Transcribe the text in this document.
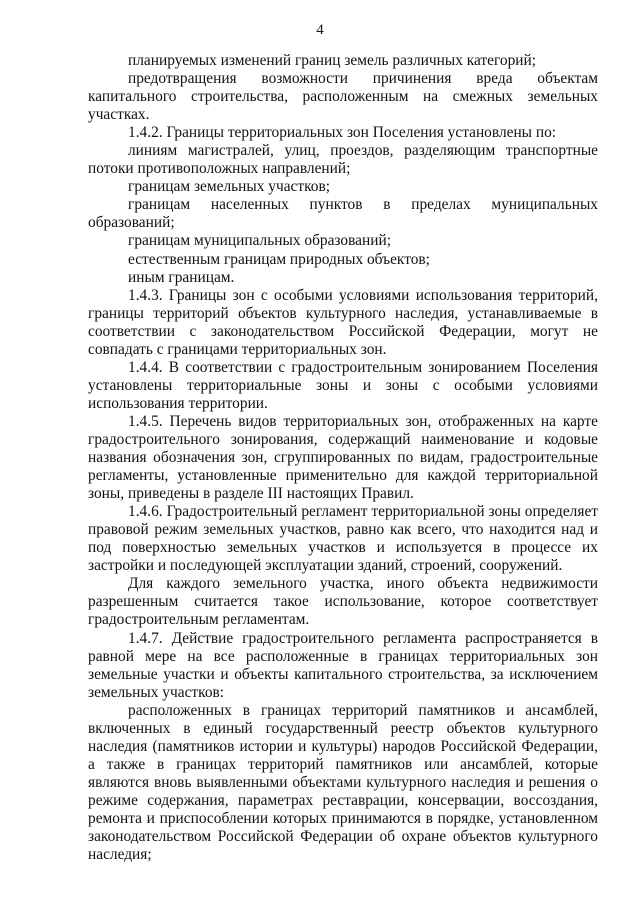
4

планируемых изменений границ земель различных категорий;

предотвращения возможности причинения вреда объектам капитального строительства, расположенным на смежных земельных участках.

1.4.2. Границы территориальных зон Поселения установлены по:

линиям магистралей, улиц, проездов, разделяющим транспортные потоки противоположных направлений;

границам земельных участков;

границам населенных пунктов в пределах муниципальных образований;

границам муниципальных образований;

естественным границам природных объектов;

иным границам.

1.4.3. Границы зон с особыми условиями использования территорий, границы территорий объектов культурного наследия, устанавливаемые в соответствии с законодательством Российской Федерации, могут не совпадать с границами территориальных зон.

1.4.4. В соответствии с градостроительным зонированием Поселения установлены территориальные зоны и зоны с особыми условиями использования территории.

1.4.5. Перечень видов территориальных зон, отображенных на карте градостроительного зонирования, содержащий наименование и кодовые названия обозначения зон, сгруппированных по видам, градостроительные регламенты, установленные применительно для каждой территориальной зоны, приведены в разделе III настоящих Правил.

1.4.6. Градостроительный регламент территориальной зоны определяет правовой режим земельных участков, равно как всего, что находится над и под поверхностью земельных участков и используется в процессе их застройки и последующей эксплуатации зданий, строений, сооружений.

Для каждого земельного участка, иного объекта недвижимости разрешенным считается такое использование, которое соответствует градостроительным регламентам.

1.4.7. Действие градостроительного регламента распространяется в равной мере на все расположенные в границах территориальных зон земельные участки и объекты капитального строительства, за исключением земельных участков:

расположенных в границах территорий памятников и ансамблей, включенных в единый государственный реестр объектов культурного наследия (памятников истории и культуры) народов Российской Федерации, а также в границах территорий памятников или ансамблей, которые являются вновь выявленными объектами культурного наследия и решения о режиме содержания, параметрах реставрации, консервации, воссоздания, ремонта и приспособлении которых принимаются в порядке, установленном законодательством Российской Федерации об охране объектов культурного наследия;
